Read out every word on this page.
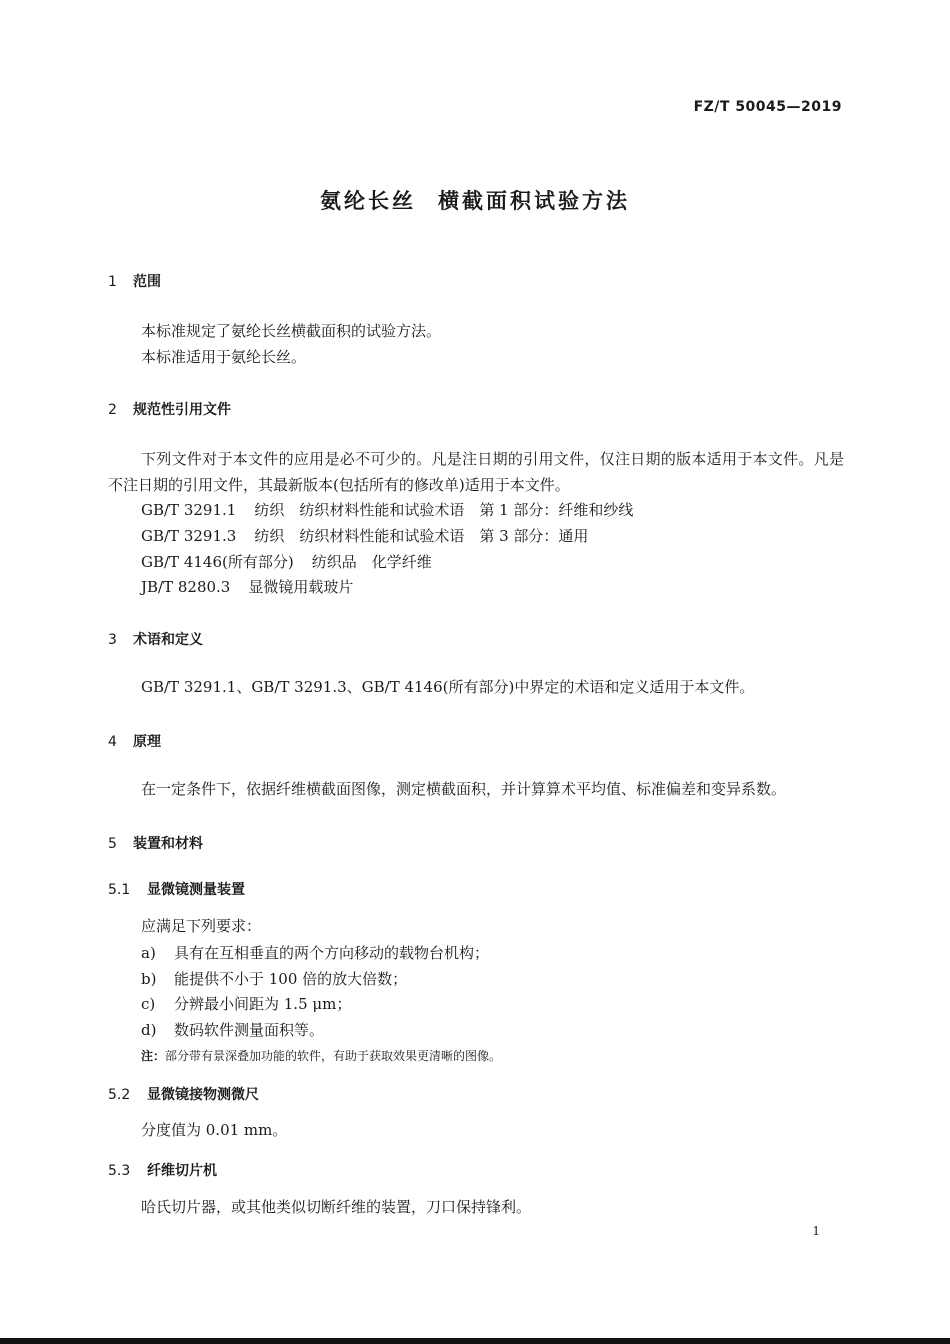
FZ/T 50045—2019
氨纶长丝 横截面积试验方法
1 范围
本标准规定了氨纶长丝横截面积的试验方法。
本标准适用于氨纶长丝。
2 规范性引用文件
下列文件对于本文件的应用是必不可少的。凡是注日期的引用文件，仅注日期的版本适用于本文件。凡是不注日期的引用文件，其最新版本(包括所有的修改单)适用于本文件。
GB/T 3291.1 纺织　纺织材料性能和试验术语　第 1 部分：纤维和纱线
GB/T 3291.3 纺织　纺织材料性能和试验术语　第 3 部分：通用
GB/T 4146(所有部分) 纺织品　化学纤维
JB/T 8280.3 显微镜用载玻片
3 术语和定义
GB/T 3291.1、GB/T 3291.3、GB/T 4146(所有部分)中界定的术语和定义适用于本文件。
4 原理
在一定条件下，依据纤维横截面图像，测定横截面积，并计算算术平均值、标准偏差和变异系数。
5 装置和材料
5.1 显微镜测量装置
应满足下列要求：
a) 具有在互相垂直的两个方向移动的载物台机构；
b) 能提供不小于 100 倍的放大倍数；
c) 分辨最小间距为 1.5 μm；
d) 数码软件测量面积等。
注：部分带有景深叠加功能的软件，有助于获取效果更清晰的图像。
5.2 显微镜接物测微尺
分度值为 0.01 mm。
5.3 纤维切片机
哈氏切片器，或其他类似切断纤维的装置，刀口保持锋利。
1
